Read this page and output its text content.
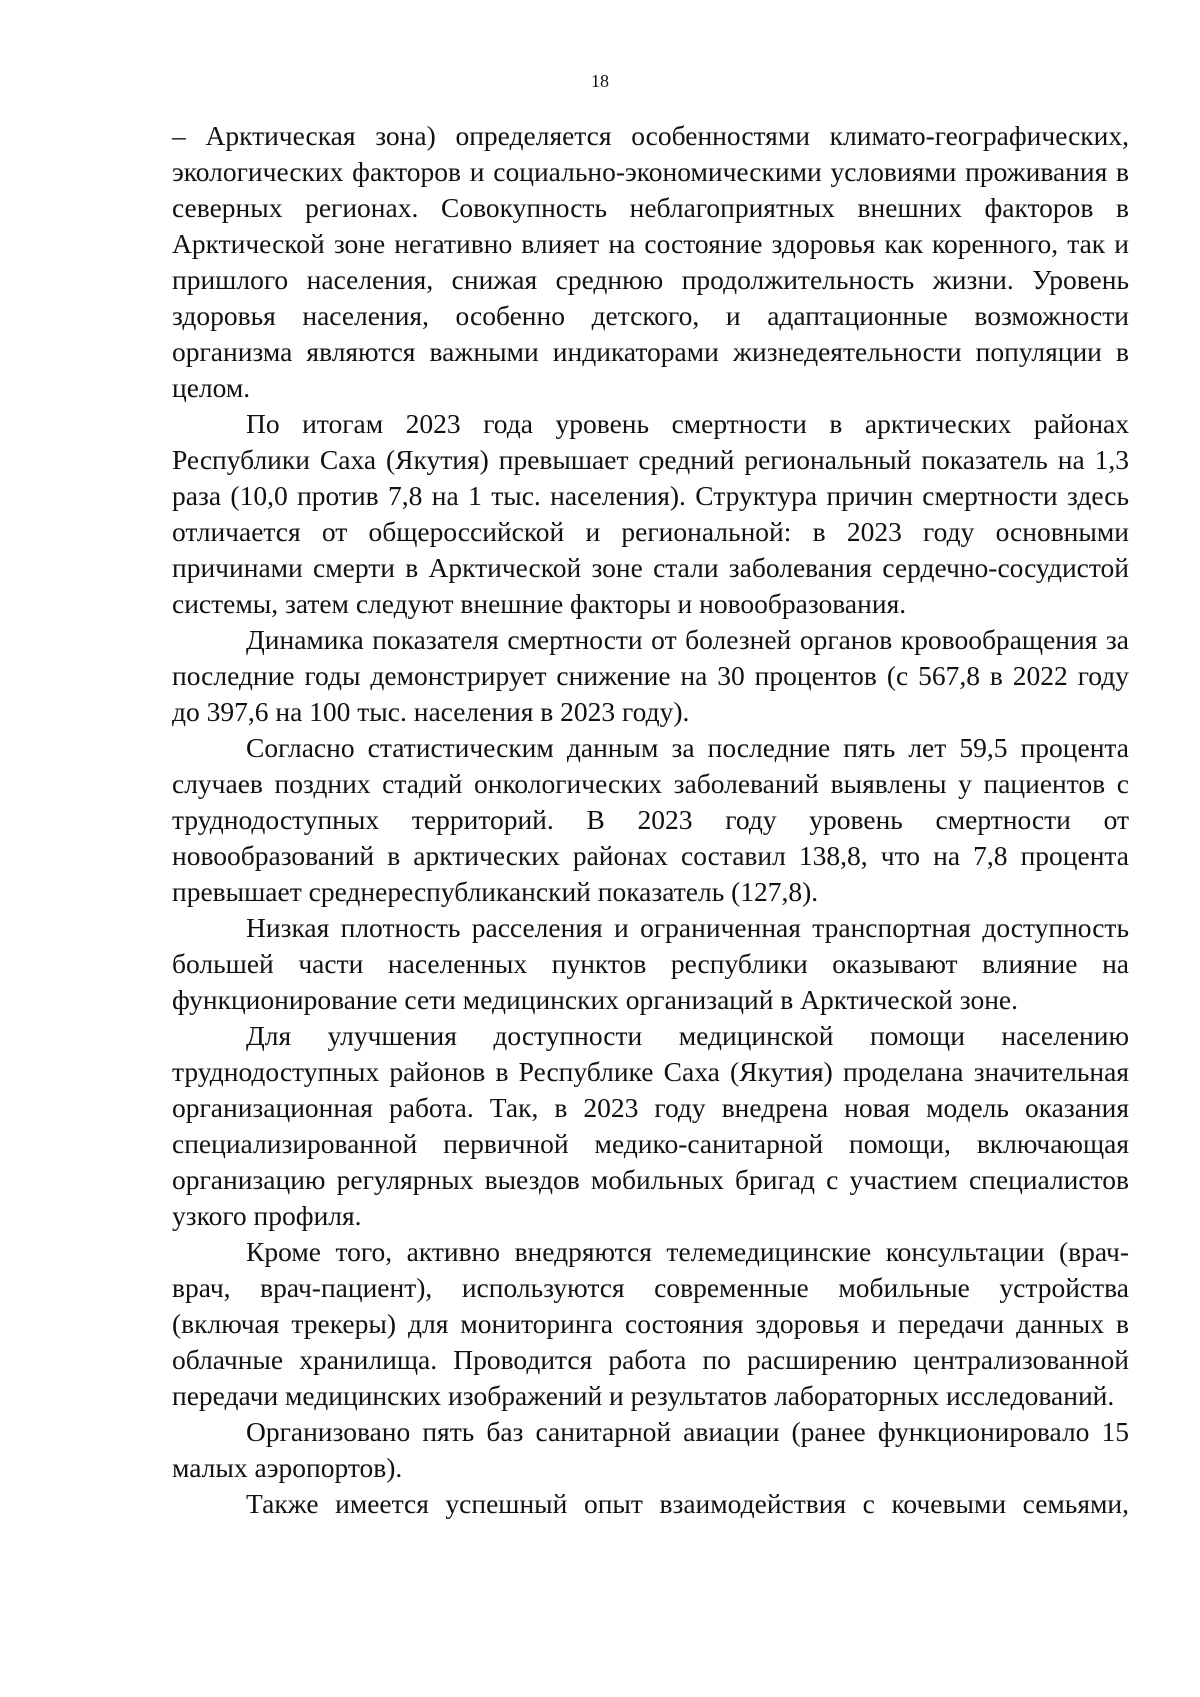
18

– Арктическая зона) определяется особенностями климато-географических, экологических факторов и социально-экономическими условиями проживания в северных регионах. Совокупность неблагоприятных внешних факторов в Арктической зоне негативно влияет на состояние здоровья как коренного, так и пришлого населения, снижая среднюю продолжительность жизни. Уровень здоровья населения, особенно детского, и адаптационные возможности организма являются важными индикаторами жизнедеятельности популяции в целом.

По итогам 2023 года уровень смертности в арктических районах Республики Саха (Якутия) превышает средний региональный показатель на 1,3 раза (10,0 против 7,8 на 1 тыс. населения). Структура причин смертности здесь отличается от общероссийской и региональной: в 2023 году основными причинами смерти в Арктической зоне стали заболевания сердечно-сосудистой системы, затем следуют внешние факторы и новообразования.

Динамика показателя смертности от болезней органов кровообращения за последние годы демонстрирует снижение на 30 процентов (с 567,8 в 2022 году до 397,6 на 100 тыс. населения в 2023 году).

Согласно статистическим данным за последние пять лет 59,5 процента случаев поздних стадий онкологических заболеваний выявлены у пациентов с труднодоступных территорий. В 2023 году уровень смертности от новообразований в арктических районах составил 138,8, что на 7,8 процента превышает среднереспубликанский показатель (127,8).

Низкая плотность расселения и ограниченная транспортная доступность большей части населенных пунктов республики оказывают влияние на функционирование сети медицинских организаций в Арктической зоне.

Для улучшения доступности медицинской помощи населению труднодоступных районов в Республике Саха (Якутия) проделана значительная организационная работа. Так, в 2023 году внедрена новая модель оказания специализированной первичной медико-санитарной помощи, включающая организацию регулярных выездов мобильных бригад с участием специалистов узкого профиля.

Кроме того, активно внедряются телемедицинские консультации (врач-врач, врач-пациент), используются современные мобильные устройства (включая трекеры) для мониторинга состояния здоровья и передачи данных в облачные хранилища. Проводится работа по расширению централизованной передачи медицинских изображений и результатов лабораторных исследований.

Организовано пять баз санитарной авиации (ранее функционировало 15 малых аэропортов).

Также имеется успешный опыт взаимодействия с кочевыми семьями,
